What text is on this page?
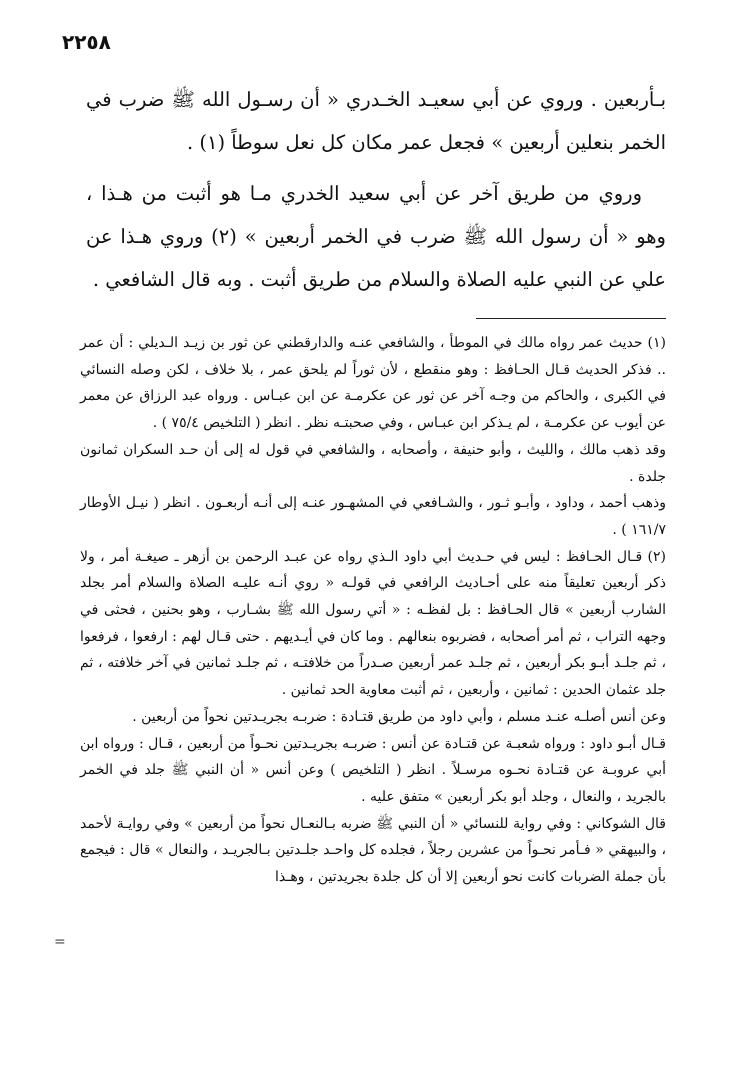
٢٢٥٨

بـأربعين . وروي عن أبي سعيـد الخـدري « أن رسـول الله ﷺ ضرب في الخمر بنعلين أربعين » فجعل عمر مكان كل نعل سوطاً (١) .

وروي من طريق آخر عن أبي سعيد الخدري مـا هو أثبت من هـذا ، وهو « أن رسول الله ﷺ ضرب في الخمر أربعين » (٢) وروي هـذا عن علي عن النبي عليه الصلاة والسلام من طريق أثبت . وبه قال الشافعي .

(١) حديث عمر رواه مالك في الموطأ ، والشافعي عنـه والدارقطني عن ثور بن زيـد الـديلي : أن عمر .. فذكر الحديث قـال الحـافظ : وهو منقطع ، لأن ثوراً لم يلحق عمر ، بلا خلاف ، لكن وصله النسائي في الكبرى ، والحاكم من وجـه آخر عن ثور عن عكرمـة عن ابن عبـاس . ورواه عبد الرزاق عن معمر عن أيوب عن عكرمـة ، لم يـذكر ابن عبـاس ، وفي صحبتـه نظر . انظر ( التلخيص ٧٥/٤ ) .

وقد ذهب مالك ، والليث ، وأبو حنيفة ، وأصحابه ، والشافعي في قول له إلى أن حـد السكران ثمانون جلدة .

وذهب أحمد ، وداود ، وأبـو ثـور ، والشـافعي في المشهـور عنـه إلى أنـه أربعـون . انظر ( نيـل الأوطار ١٦١/٧ ) .

(٢) قـال الحـافظ : ليس في حـديث أبي داود الـذي رواه عن عبـد الرحمن بن أزهر ـ صيغـة أمر ، ولا ذكر أربعين تعليقاً منه على أحـاديث الرافعي في قولـه « روي أنـه عليـه الصلاة والسلام أمر بجلد الشارب أربعين » قال الحـافظ : بل لفظـه : « أتي رسول الله ﷺ بشـارب ، وهو بحنين ، فحثى في وجهه التراب ، ثم أمر أصحابه ، فضربوه بنعالهم . وما كان في أيـديهم . حتى قـال لهم : ارفعوا ، فرفعوا ، ثم جلـد أبـو بكر أربعين ، ثم جلـد عمر أربعين صـدراً من خلافتـه ، ثم جلـد ثمانين في آخر خلافته ، ثم جلد عثمان الحدين : ثمانين ، وأربعين ، ثم أثبت معاوية الحد ثمانين .

وعن أنس أصلـه عنـد مسلم ، وأبي داود من طريق قتـادة : ضربـه بجريـدتين نحواً من أربعين .

قـال أبـو داود : ورواه شعبـة عن قتـادة عن أنس : ضربـه بجريـدتين نحـواً من أربعين ، قـال : ورواه ابن أبي عروبـة عن قتـادة نحـوه مرسـلاً . انظر ( التلخيص ) وعن أنس « أن النبي ﷺ جلد في الخمر بالجريد ، والنعال ، وجلد أبو بكر أربعين » متفق عليه .

قال الشوكاني : وفي رواية للنسائي « أن النبي ﷺ ضربه بـالنعـال نحواً من أربعين » وفي روايـة لأحمد ، والبيهقي « فـأمر نحـواً من عشرين رجلاً ، فجلده كل واحـد جلـدتين بـالجريـد ، والنعال » قال : فيجمع بأن جملة الضربات كانت نحو أربعين إلا أن كل جلدة بجريدتين ، وهـذا

=
